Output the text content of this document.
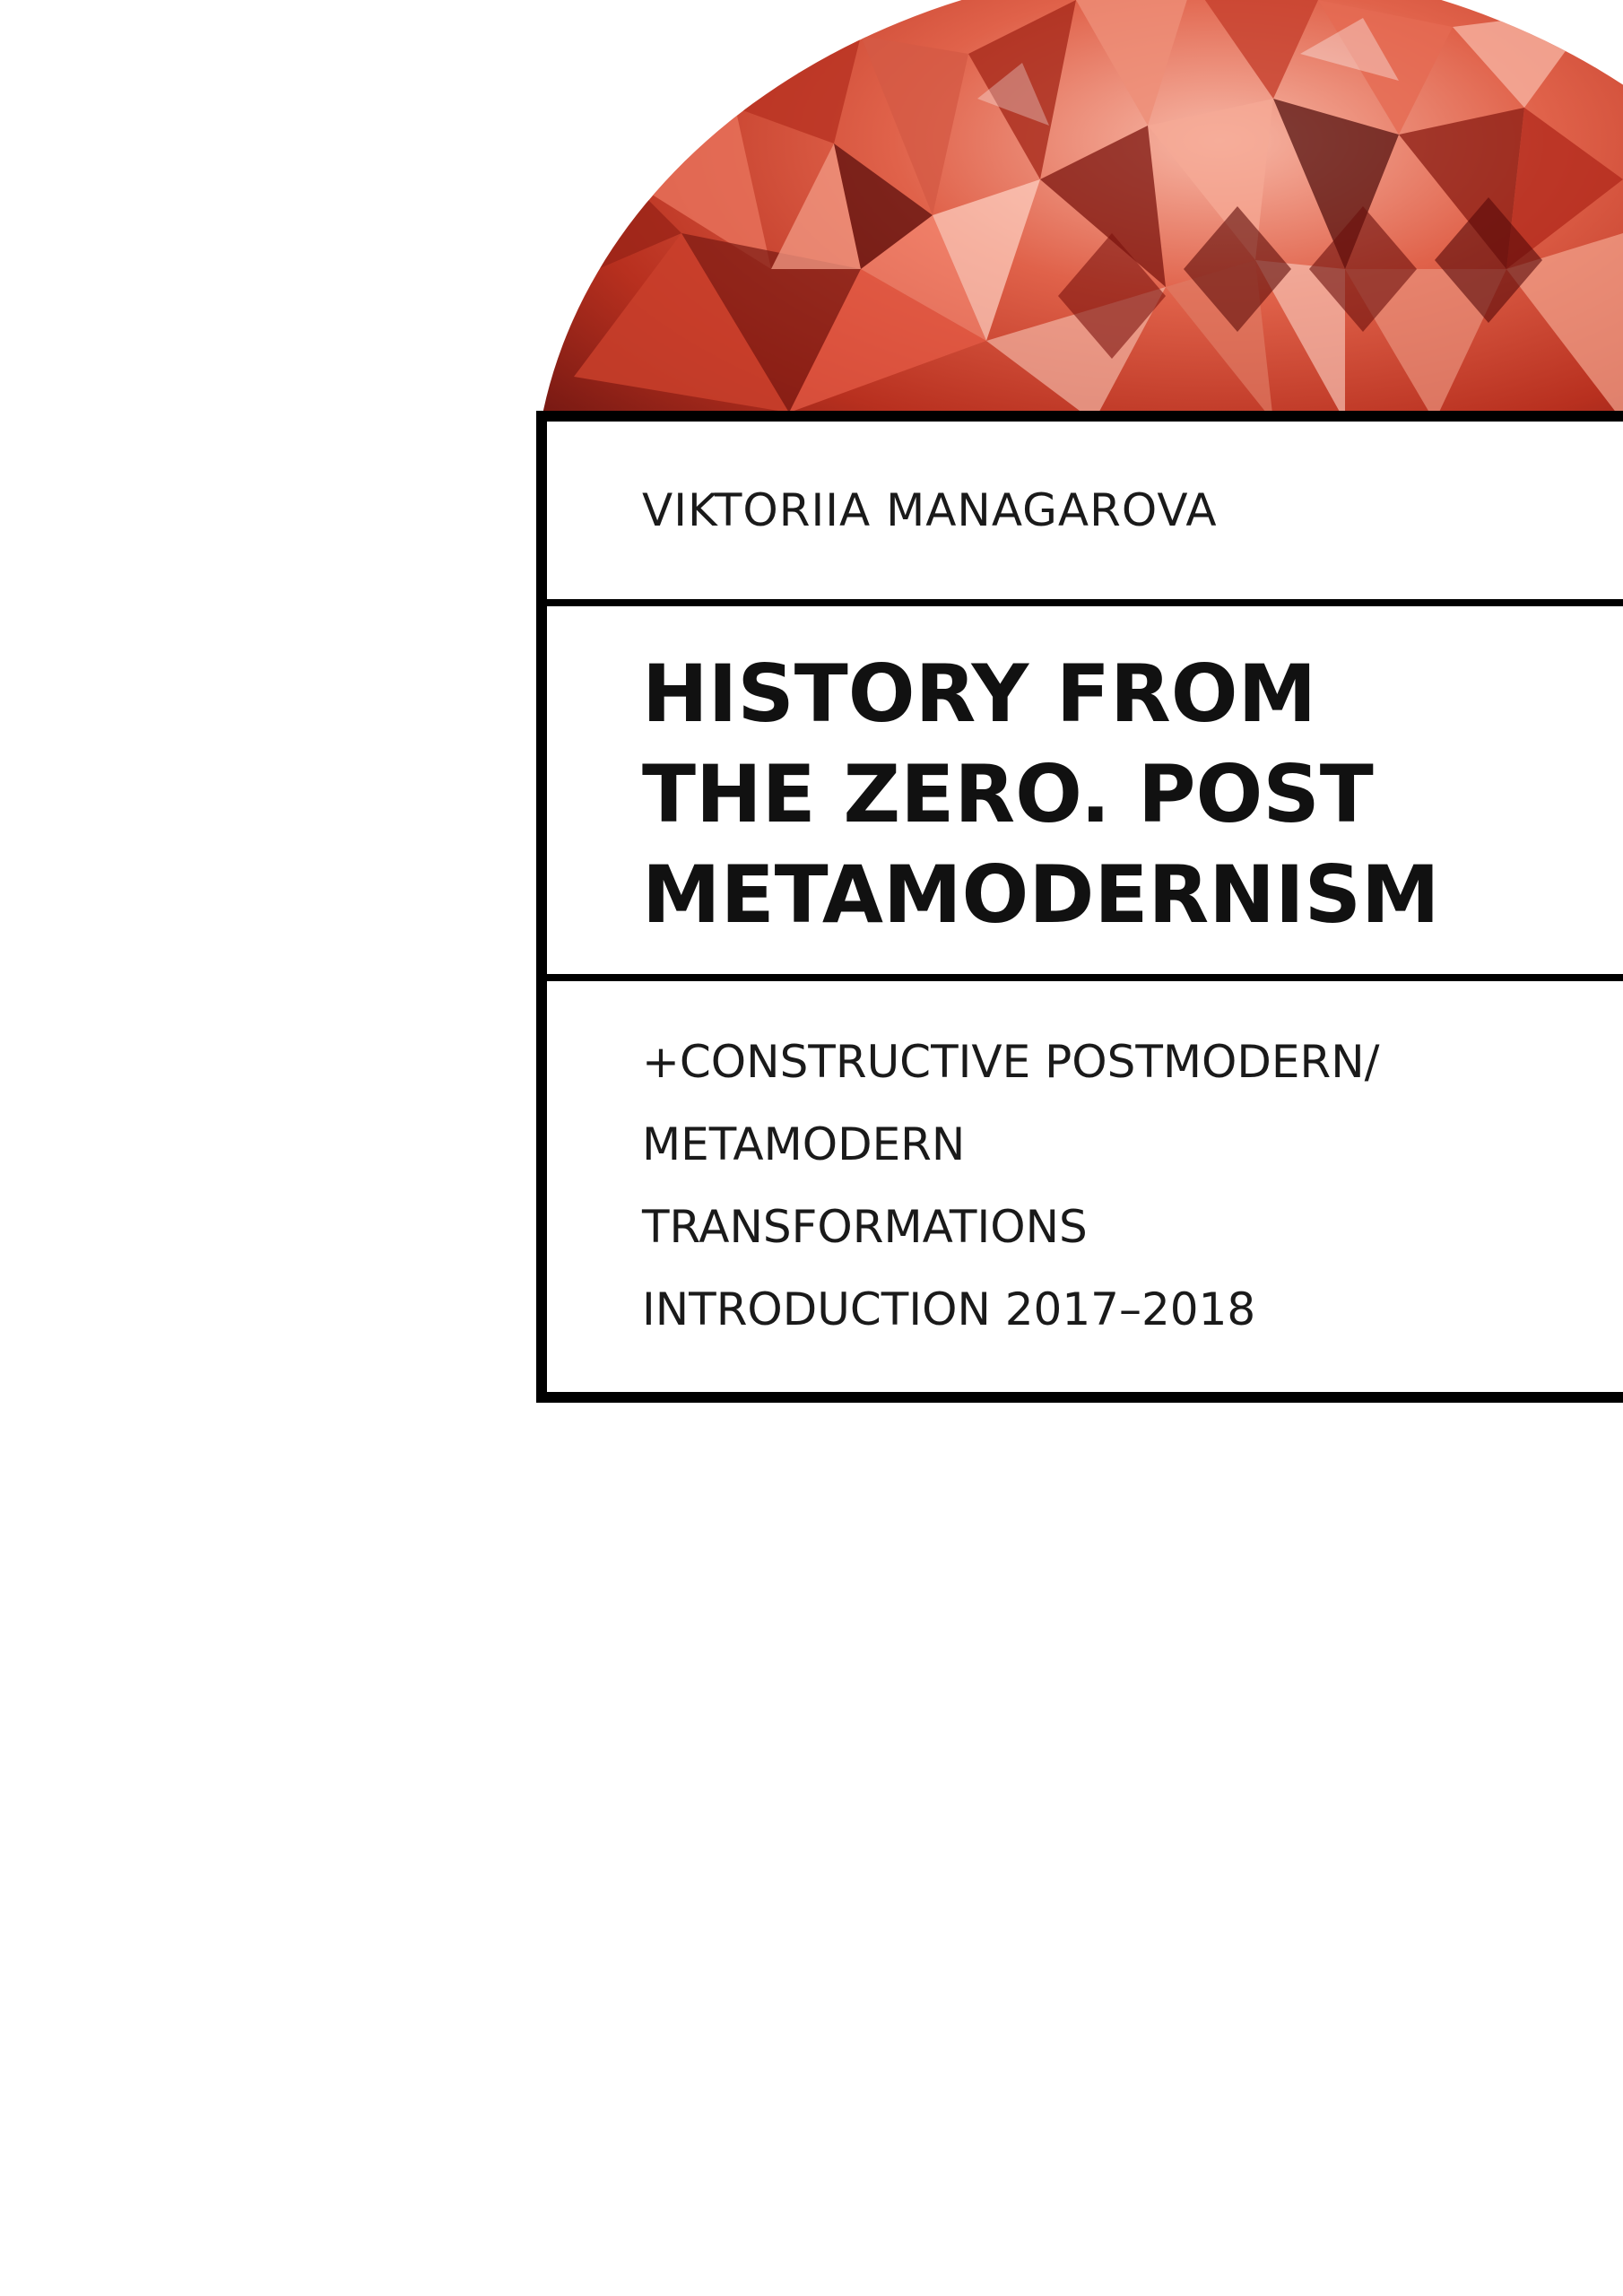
VIKTORIIA MANAGAROVA
HISTORY FROM
THE ZERO. POST
METAMODERNISM

+CONSTRUCTIVE POSTMODERN/
METAMODERN
TRANSFORMATIONS
INTRODUCTION 2017–2018
